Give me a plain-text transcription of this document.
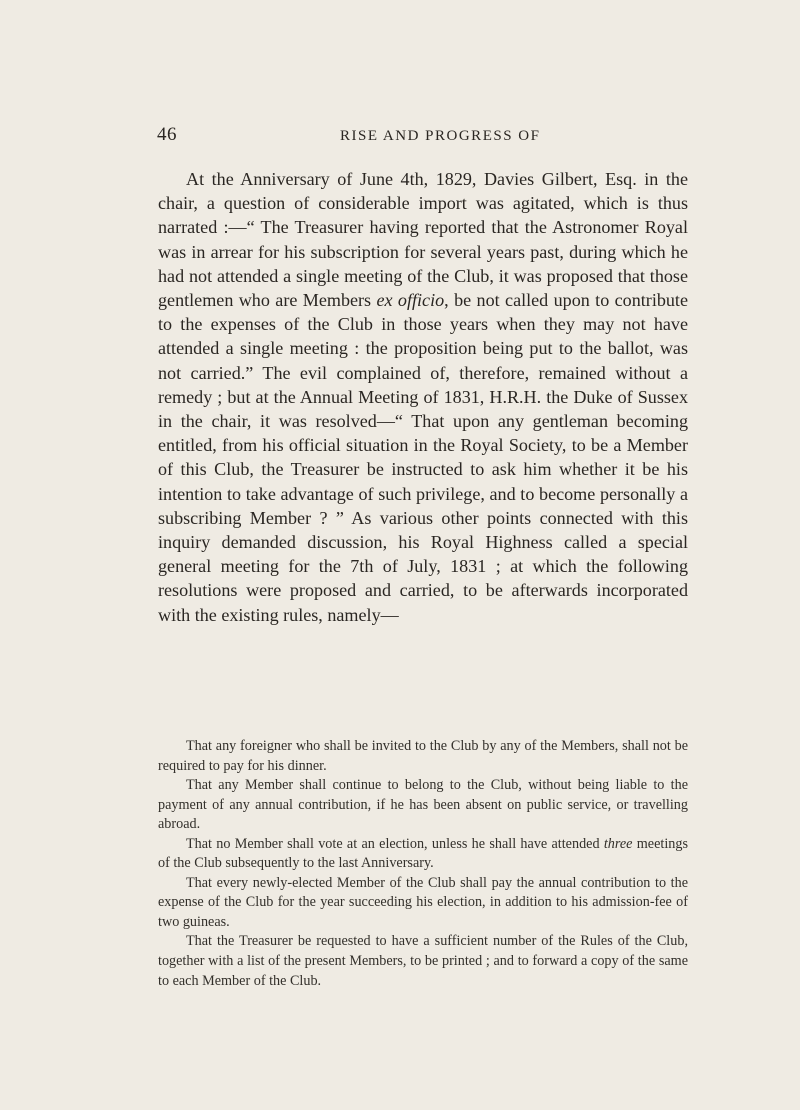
46	RISE AND PROGRESS OF

At the Anniversary of June 4th, 1829, Davies Gilbert, Esq. in the chair, a question of considerable import was agitated, which is thus narrated :—“ The Treasurer having reported that the Astronomer Royal was in arrear for his subscription for several years past, during which he had not attended a single meeting of the Club, it was proposed that those gentlemen who are Members ex officio, be not called upon to contribute to the expenses of the Club in those years when they may not have attended a single meeting : the proposition being put to the ballot, was not carried.” The evil complained of, therefore, remained without a remedy ; but at the Annual Meeting of 1831, H.R.H. the Duke of Sussex in the chair, it was resolved—“ That upon any gentleman becoming entitled, from his official situation in the Royal Society, to be a Member of this Club, the Treasurer be instructed to ask him whether it be his intention to take advantage of such privilege, and to become personally a subscribing Member ? ” As various other points connected with this inquiry demanded discussion, his Royal Highness called a special general meeting for the 7th of July, 1831 ; at which the following resolutions were proposed and carried, to be afterwards incorporated with the existing rules, namely—

That any foreigner who shall be invited to the Club by any of the Members, shall not be required to pay for his dinner.

That any Member shall continue to belong to the Club, without being liable to the payment of any annual contribution, if he has been absent on public service, or travelling abroad.

That no Member shall vote at an election, unless he shall have attended three meetings of the Club subsequently to the last Anniversary.

That every newly-elected Member of the Club shall pay the annual contribution to the expense of the Club for the year succeeding his election, in addition to his admission-fee of two guineas.

That the Treasurer be requested to have a sufficient number of the Rules of the Club, together with a list of the present Members, to be printed ; and to forward a copy of the same to each Member of the Club.
